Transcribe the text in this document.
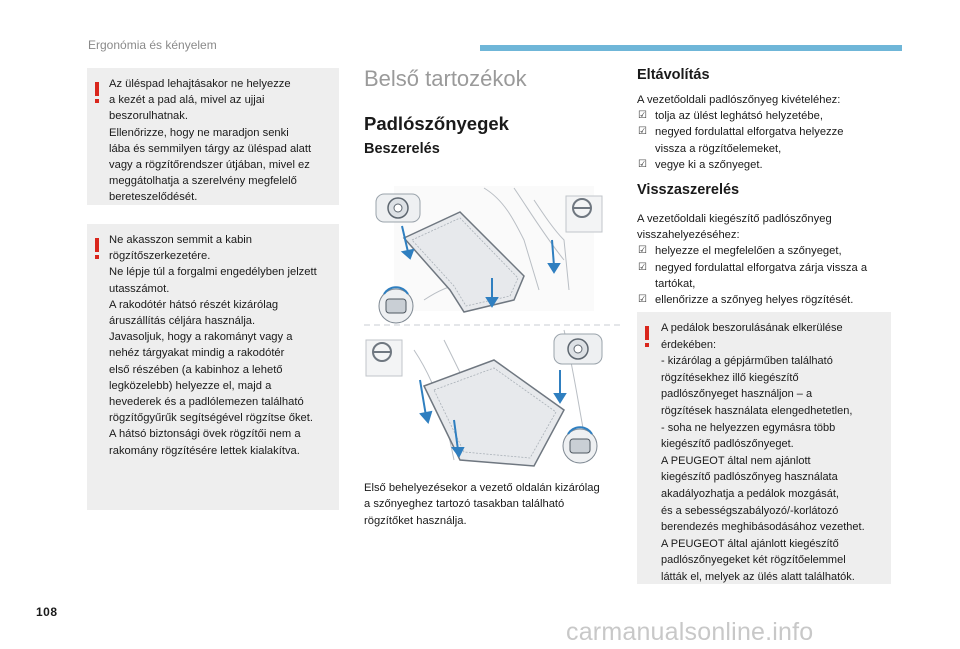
Ergonómia és kényelem
Az üléspad lehajtásakor ne helyezze
a kezét a pad alá, mivel az ujjai
beszorulhatnak.
Ellenőrizze, hogy ne maradjon senki
lába és semmilyen tárgy az üléspad alatt
vagy a rögzítőrendszer útjában, mivel ez
meggátolhatja a szerelvény megfelelő
bereteszelődését.
Ne akasszon semmit a kabin
rögzítőszerkezetére.
Ne lépje túl a forgalmi engedélyben jelzett
utasszámot.
A rakodótér hátsó részét kizárólag
áruszállítás céljára használja.
Javasoljuk, hogy a rakományt vagy a
nehéz tárgyakat mindig a rakodótér
első részében (a kabinhoz a lehető
legközelebb) helyezze el, majd a
hevederek és a padlólemezen található
rögzítőgyűrűk segítségével rögzítse őket.
A hátsó biztonsági övek rögzítői nem a
rakomány rögzítésére lettek kialakítva.
Belső tartozékok
Padlószőnyegek
Beszerelés
Első behelyezésekor a vezető oldalán kizárólag
a szőnyeghez tartozó tasakban található
rögzítőket használja.
Eltávolítás
A vezetőoldali padlószőnyeg kivételéhez:
☑ tolja az ülést leghátsó helyzetébe,
☑ negyed fordulattal elforgatva helyezze
vissza a rögzítőelemeket,
☑ vegye ki a szőnyeget.
Visszaszerelés
A vezetőoldali kiegészítő padlószőnyeg
visszahelyezéséhez:
☑ helyezze el megfelelően a szőnyeget,
☑ negyed fordulattal elforgatva zárja vissza a
tartókat,
☑ ellenőrizze a szőnyeg helyes rögzítését.
A pedálok beszorulásának elkerülése
érdekében:
- kizárólag a gépjárműben található
rögzítésekhez illő kiegészítő
padlószőnyeget használjon – a
rögzítések használata elengedhetetlen,
- soha ne helyezzen egymásra több
kiegészítő padlószőnyeget.
A PEUGEOT által nem ajánlott
kiegészítő padlószőnyeg használata
akadályozhatja a pedálok mozgását,
és a sebességszabályozó/-korlátozó
berendezés meghibásodásához vezethet.
A PEUGEOT által ajánlott kiegészítő
padlószőnyegeket két rögzítőelemmel
látták el, melyek az ülés alatt találhatók.
108
carmanualsonline.info
